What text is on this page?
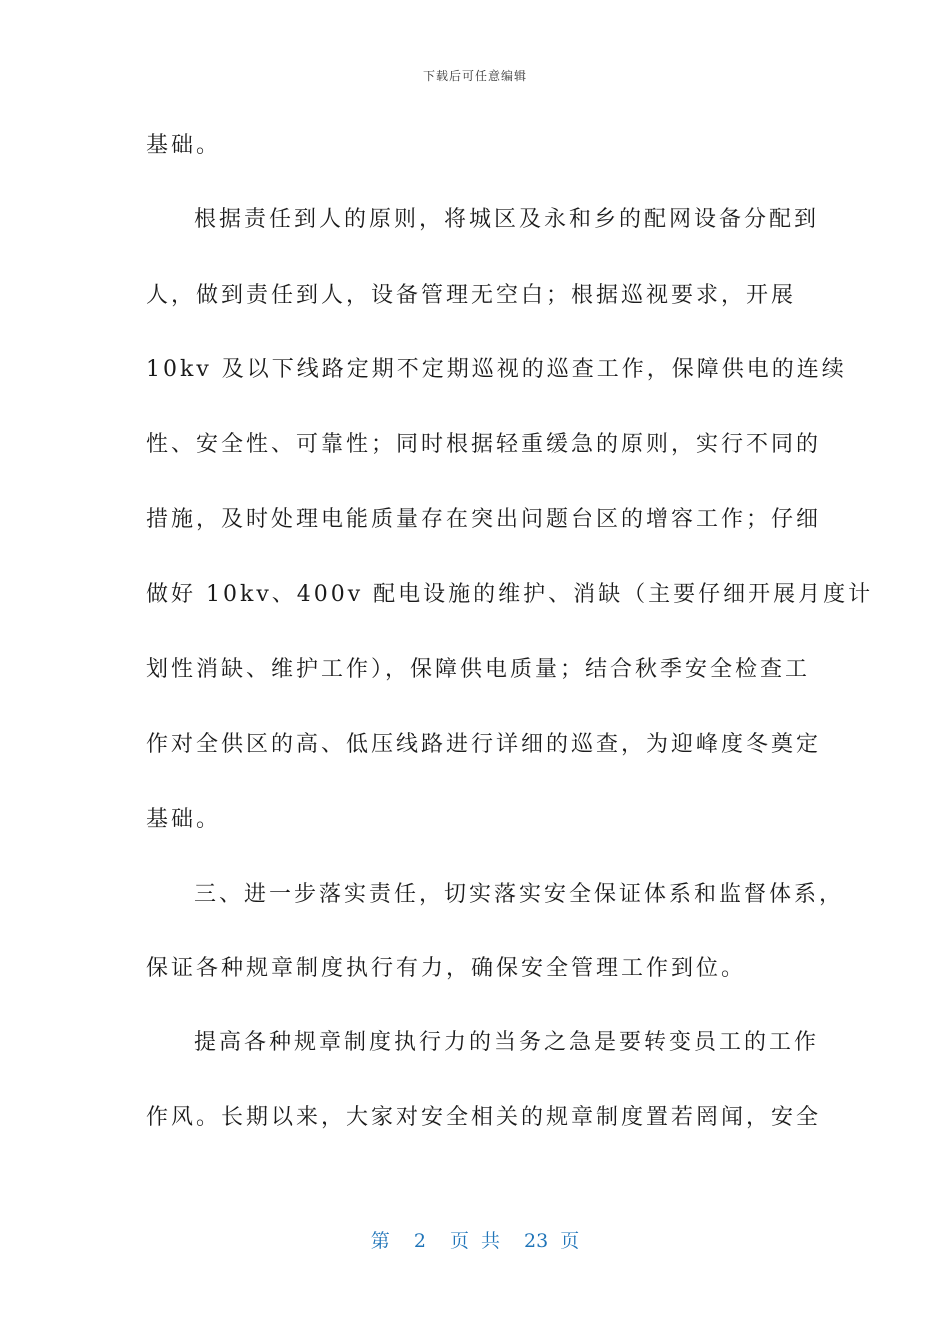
下载后可任意编辑
基础。
根据责任到人的原则，将城区及永和乡的配网设备分配到
人，做到责任到人，设备管理无空白；根据巡视要求，开展
10kv 及以下线路定期不定期巡视的巡查工作，保障供电的连续
性、安全性、可靠性；同时根据轻重缓急的原则，实行不同的
措施，及时处理电能质量存在突出问题台区的增容工作；仔细
做好 10kv、400v 配电设施的维护、消缺（主要仔细开展月度计
划性消缺、维护工作），保障供电质量；结合秋季安全检查工
作对全供区的高、低压线路进行详细的巡查，为迎峰度冬奠定
基础。
三、进一步落实责任，切实落实安全保证体系和监督体系，
保证各种规章制度执行有力，确保安全管理工作到位。
提高各种规章制度执行力的当务之急是要转变员工的工作
作风。长期以来，大家对安全相关的规章制度置若罔闻，安全
第 2 页 共 23 页
